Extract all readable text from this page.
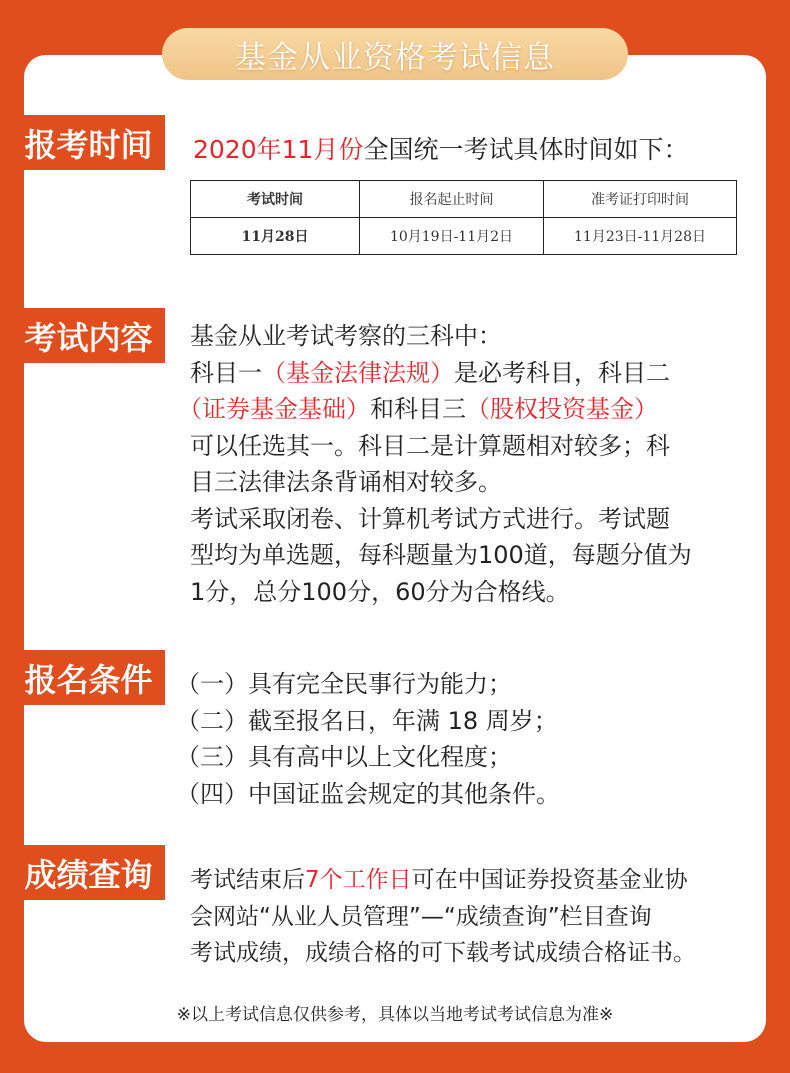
基金从业资格考试信息
报考时间	2020年11月份全国统一考试具体时间如下：
考试时间	报名起止时间	准考证打印时间
11月28日	10月19日-11月2日	11月23日-11月28日
考试内容	基金从业考试考察的三科中：
科目一（基金法律法规）是必考科目，科目二
（证券基金基础）和科目三（股权投资基金）
可以任选其一。科目二是计算题相对较多；科
目三法律法条背诵相对较多。
考试采取闭卷、计算机考试方式进行。考试题
型均为单选题，每科题量为100道，每题分值为
1分，总分100分，60分为合格线。
报名条件 （一）具有完全民事行为能力；
（二）截至报名日，年满 18 周岁；
（三）具有高中以上文化程度；
（四）中国证监会规定的其他条件。
成绩查询	考试结束后7个工作日可在中国证券投资基金业协
会网站“从业人员管理”—“成绩查询”栏目查询
考试成绩，成绩合格的可下载考试成绩合格证书。
※以上考试信息仅供参考，具体以当地考试考试信息为准※
